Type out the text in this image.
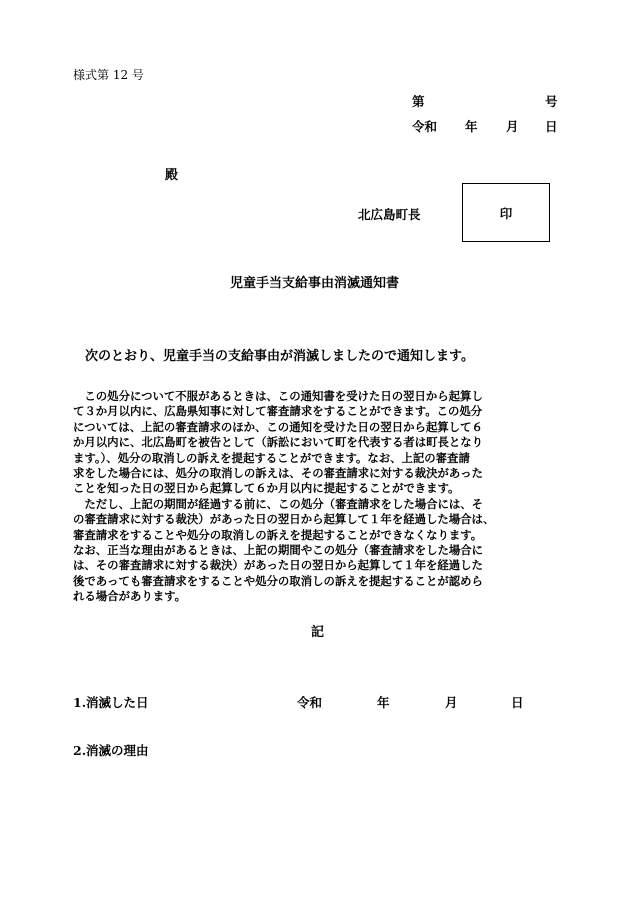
様式第 12 号
第	号
令和 年 月 日
殿
北広島町長	印
児童手当支給事由消滅通知書
次のとおり、児童手当の支給事由が消滅しましたので通知します。
　この処分について不服があるときは、この通知書を受けた日の翌日から起算し
て３か月以内に、広島県知事に対して審査請求をすることができます。この処分
については、上記の審査請求のほか、この通知を受けた日の翌日から起算して６
か月以内に、北広島町を被告として（訴訟において町を代表する者は町長となり
ます。）、処分の取消しの訴えを提起することができます。なお、上記の審査請
求をした場合には、処分の取消しの訴えは、その審査請求に対する裁決があった
ことを知った日の翌日から起算して６か月以内に提起することができます。
　ただし、上記の期間が経過する前に、この処分（審査請求をした場合には、そ
の審査請求に対する裁決）があった日の翌日から起算して１年を経過した場合は、
審査請求をすることや処分の取消しの訴えを提起することができなくなります。
なお、正当な理由があるときは、上記の期間やこの処分（審査請求をした場合に
は、その審査請求に対する裁決）があった日の翌日から起算して１年を経過した
後であっても審査請求をすることや処分の取消しの訴えを提起することが認めら
れる場合があります。
記
1.消滅した日	令和	年	月	日
2.消滅の理由
